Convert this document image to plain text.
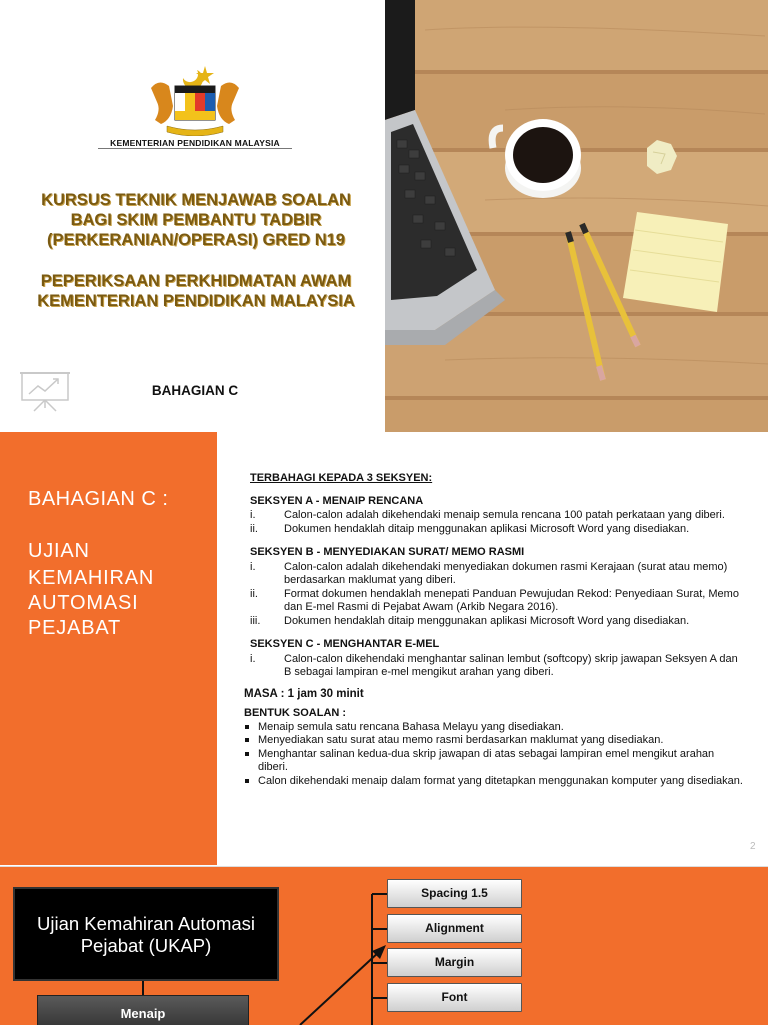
KEMENTERIAN PENDIDIKAN MALAYSIA
KURSUS TEKNIK MENJAWAB SOALAN
BAGI SKIM PEMBANTU TADBIR
(PERKERANIAN/OPERASI) GRED N19
PEPERIKSAAN PERKHIDMATAN AWAM
KEMENTERIAN PENDIDIKAN MALAYSIA
BAHAGIAN C
BAHAGIAN C :
UJIAN
KEMAHIRAN
AUTOMASI
PEJABAT
TERBAHAGI KEPADA 3 SEKSYEN:
SEKSYEN A - MENAIP RENCANA
i.	Calon-calon adalah dikehendaki menaip semula rencana 100 patah perkataan yang diberi.
ii. Dokumen hendaklah ditaip menggunakan aplikasi Microsoft Word yang disediakan.
SEKSYEN B - MENYEDIAKAN SURAT/ MEMO RASMI
i.	Calon-calon adalah dikehendaki menyediakan dokumen rasmi Kerajaan (surat atau memo) berdasarkan maklumat yang diberi.
ii. Format dokumen hendaklah menepati Panduan Pewujudan Rekod: Penyediaan Surat, Memo dan E-mel Rasmi di Pejabat Awam (Arkib Negara 2016).
iii. Dokumen hendaklah ditaip menggunakan aplikasi Microsoft Word yang disediakan.
SEKSYEN C - MENGHANTAR E-MEL
i.	Calon-calon dikehendaki menghantar salinan lembut (softcopy) skrip jawapan Seksyen A dan B sebagai lampiran e-mel mengikut arahan yang diberi.
MASA : 1 jam 30 minit
BENTUK SOALAN :
Menaip semula satu rencana Bahasa Melayu yang disediakan.
Menyediakan satu surat atau memo rasmi berdasarkan maklumat yang disediakan.
Menghantar salinan kedua-dua skrip jawapan di atas sebagai lampiran emel mengikut arahan diberi.
Calon dikehendaki menaip dalam format yang ditetapkan menggunakan komputer yang disediakan.
2
Ujian Kemahiran Automasi
Pejabat (UKAP)
Menaip
Spacing 1.5
Alignment
Margin
Font
